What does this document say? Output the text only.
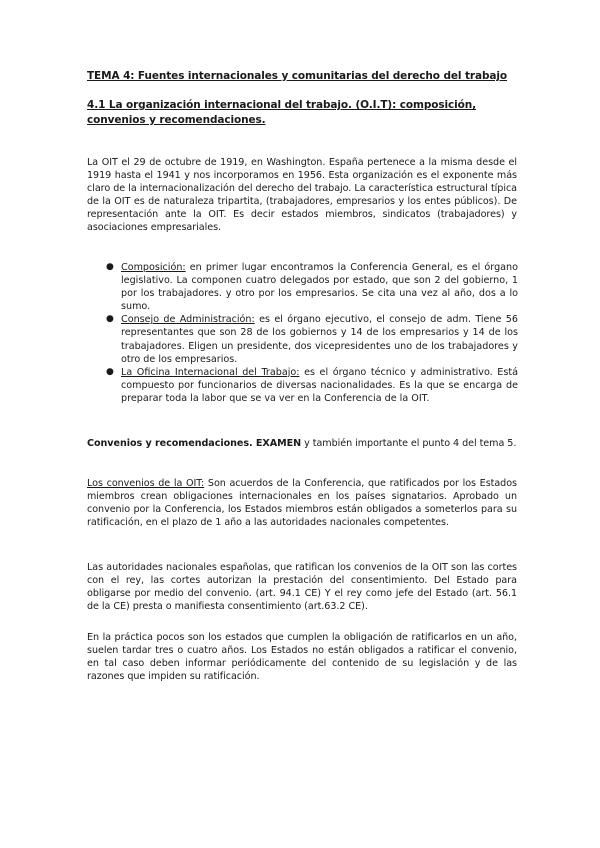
TEMA 4: Fuentes internacionales y comunitarias del derecho del trabajo
4.1 La organización internacional del trabajo. (O.I.T): composición, convenios y recomendaciones.
La OIT el 29 de octubre de 1919, en Washington. España pertenece a la misma desde el 1919 hasta el 1941 y nos incorporamos en 1956. Esta organización es el exponente más claro de la internacionalización del derecho del trabajo. La característica estructural típica de la OIT es de naturaleza tripartita, (trabajadores, empresarios y los entes públicos). De representación ante la OIT. Es decir estados miembros, sindicatos (trabajadores) y asociaciones empresariales.
● Composición: en primer lugar encontramos la Conferencia General, es el órgano legislativo. La componen cuatro delegados por estado, que son 2 del gobierno, 1 por los trabajadores. y otro por los empresarios. Se cita una vez al año, dos a lo sumo.
● Consejo de Administración: es el órgano ejecutivo, el consejo de adm. Tiene 56 representantes que son 28 de los gobiernos y 14 de los empresarios y 14 de los trabajadores. Eligen un presidente, dos vicepresidentes uno de los trabajadores y otro de los empresarios.
● La Oficina Internacional del Trabajo: es el órgano técnico y administrativo. Está compuesto por funcionarios de diversas nacionalidades. Es la que se encarga de preparar toda la labor que se va ver en la Conferencia de la OIT.
Convenios y recomendaciones. EXAMEN y también importante el punto 4 del tema 5.
Los convenios de la OIT: Son acuerdos de la Conferencia, que ratificados por los Estados miembros crean obligaciones internacionales en los países signatarios. Aprobado un convenio por la Conferencia, los Estados miembros están obligados a someterlos para su ratificación, en el plazo de 1 año a las autoridades nacionales competentes.
Las autoridades nacionales españolas, que ratifican los convenios de la OIT son las cortes con el rey, las cortes autorizan la prestación del consentimiento. Del Estado para obligarse por medio del convenio. (art. 94.1 CE) Y el rey como jefe del Estado (art. 56.1 de la CE) presta o manifiesta consentimiento (art.63.2 CE).
En la práctica pocos son los estados que cumplen la obligación de ratificarlos en un año, suelen tardar tres o cuatro años. Los Estados no están obligados a ratificar el convenio, en tal caso deben informar periódicamente del contenido de su legislación y de las razones que impiden su ratificación.
